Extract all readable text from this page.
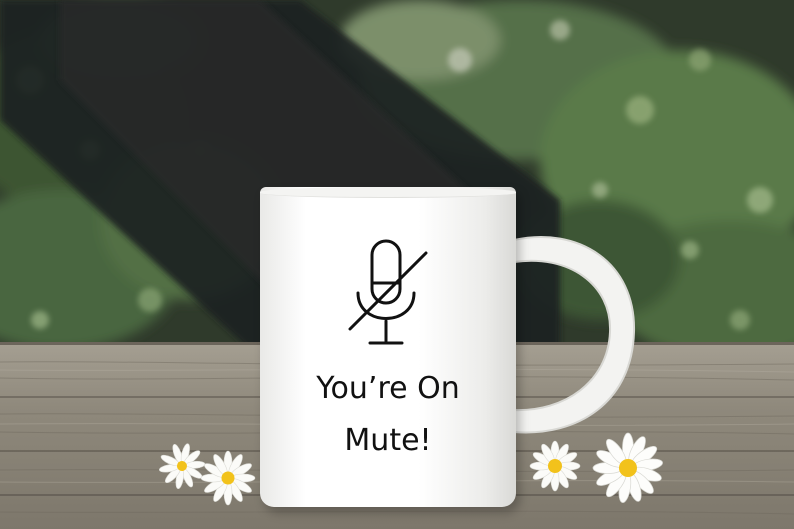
You’re On
Mute!
